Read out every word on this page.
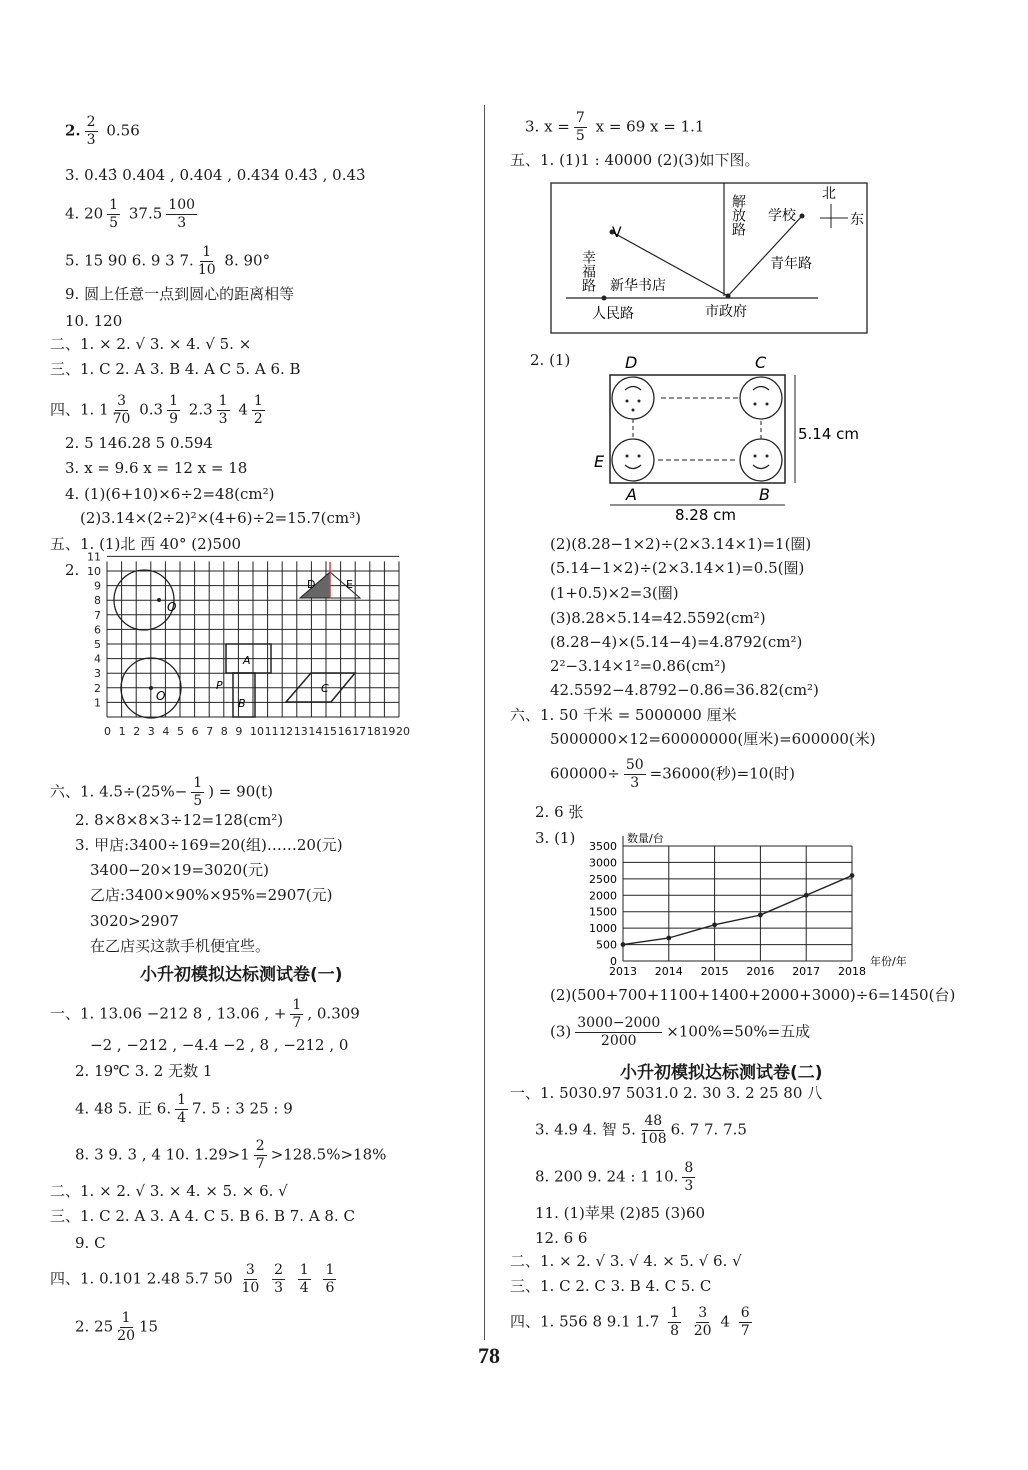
2. $\frac{2}{3} 0.56$
3. 0.4̇3̇ 0.404 , 0.404 , 0.434 0.4̇3̇ , 0.43̇
4. $20 \frac{1}{5} 37.5 \frac{100}{3}$
5. 15 90 6. 9 3 7. $\frac{1}{10} 8$. 90°
9. 圆上任意一点到圆心的距离相等
10. 120
二、1. × 2. √ 3. × 4. √ 5. ×
三、1. C 2. A 3. B 4. A C 5. A 6. B
四、1. $1 \frac{3}{70} 0.3 \frac{1}{9} 2.3 \frac{1}{3} 4 \frac{1}{2}$
2. 5 146.28 5 0.594
3. x = 9.6 x = 12 x = 18
4. (1)(6+10)×6÷2=48(cm²)
(2)3.14×(2÷2)²×(4+6)÷2=15.7(cm³)
五、1. (1)北 西 40° (2)500
2.
0 1 2 3 4 5 6 7 8 9 10 11 12 13 14 15 16 17 18 19 20
1
2
3
4
5
6
7
8
9
10
11
O
O
A
B
P	C
D	E
六、1. $4.5\div(25\%- \frac{1}{5}$ ) = 90(t)
2. 8×8×8×3÷12=128(cm²)
3. 甲店:3400÷169=20(组)……20(元)
3400−20×19=3020(元)
乙店:3400×90%×95%=2907(元)
3020>2907
在乙店买这款手机便宜些。
小升初模拟达标测试卷(一)
一、1. 13.06 −212 8 , 13.06 , + $\frac{1}{7}$ , 0.309
−2 , −212 , −4.4 −2 , 8 , −212 , 0
2. 19℃ 3. 2 无数 1
4. 48 5. 正 6. $\frac{1}{4} 7$. 5 : 3 25 : 9
8. 3 9. 3 , 4 10. $1.29>1 \frac{2}{7} >128.5\%>18\%$
二、1. × 2. √ 3. × 4. × 5. × 6. √
三、1. C 2. A 3. A 4. C 5. B 6. B 7. A 8. C
9. C
四、1. 0.101 2.48 5.7 $50 \frac{3}{10}$
$\frac{2}{3}$
$\frac{1}{4}$
$\frac{1}{6}$
2. $25 \frac{1}{20} 15$
3. $x = \frac{7}{5}$ x = 69 x = 1.1
五、1. (1)1 : 40000 (2)(3)如下图。
V
幸福路 新华书店
人民路	市政府
解放路 学校
青年路
北
东
2. (1)	D	C
E
A	B
5.14 cm
8.28 cm
(2)(8.28−1×2)÷(2×3.14×1)=1(圈)
(5.14−1×2)÷(2×3.14×1)=0.5(圈)
(1+0.5)×2=3(圈)
(3)8.28×5.14=42.5592(cm²)
(8.28−4)×(5.14−4)=4.8792(cm²)
2²−3.14×1²=0.86(cm²)
42.5592−4.8792−0.86=36.82(cm²)
六、1. 50 千米 = 5000000 厘米
5000000×12=60000000(厘米)=600000(米)
$600000\div \frac{50}{3} =36000$(秒)=10(时)
2. 6 张
3. (1)
0
500
1000
1500
2000
2500
3000
3500
2013 2014 2015 2016 2017 2018
数量/台
年份/年
(2)(500+700+1100+1400+2000+3000)÷6=1450(台)
$(3) \frac{3000-2000}{2000} \times 100\%=50\%=$五成
小升初模拟达标测试卷(二)
一、1. 5030.97 5031.0 2. 30 3. 2 25 80 八
3. 4.9 4. 智 5. $\frac{48}{108} 6$. 7 7. 7.5
8. 200 9. 24 : 1 10. $\frac{8}{3}$
11. (1)苹果 (2)85 (3)60
12. 6 6
二、1. × 2. √ 3. √ 4. × 5. √ 6. √
三、1. C 2. C 3. B 4. C 5. C
四、1. 556 8 9.1 $1.7 \frac{1}{8}$
$\frac{3}{20} 4 \frac{6}{7}$
78
